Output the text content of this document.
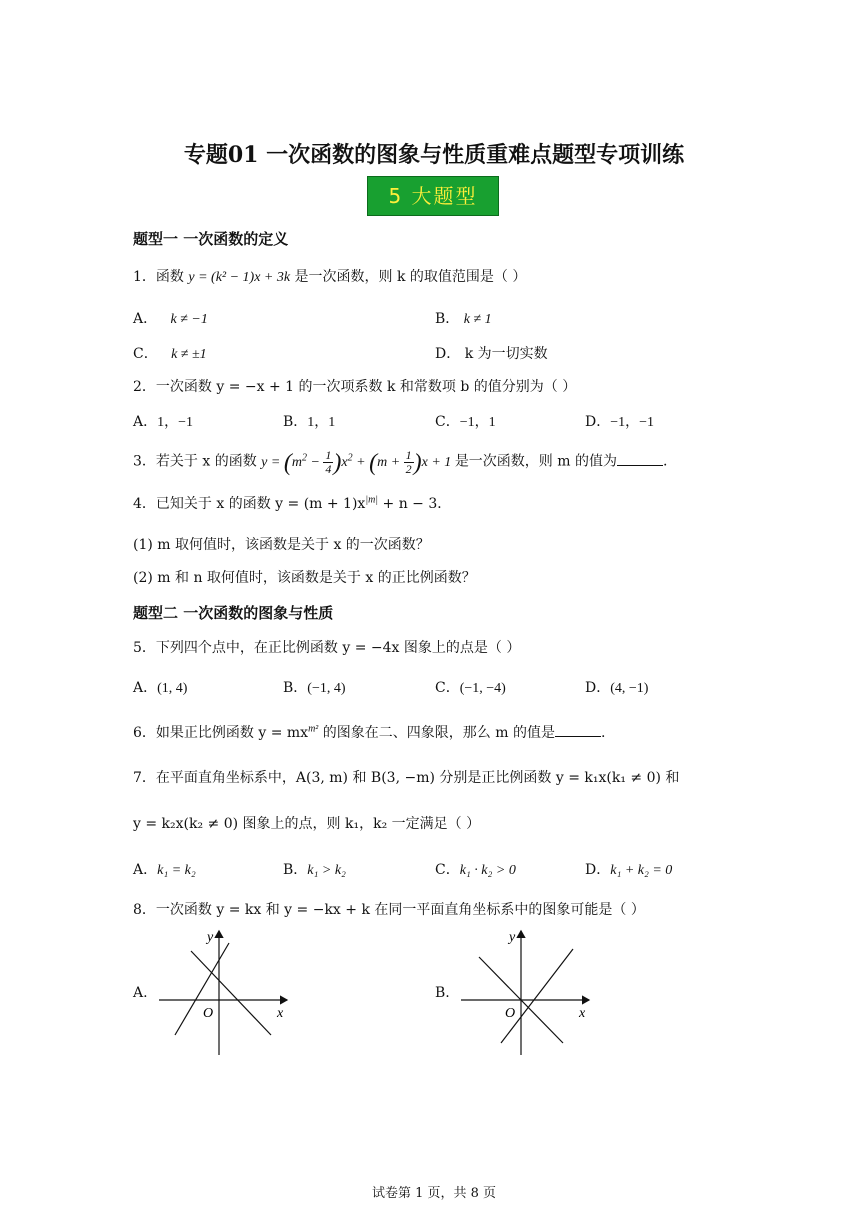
专题01 一次函数的图象与性质重难点题型专项训练
5 大题型
题型一 一次函数的定义
1．函数 y = (k² − 1)x + 3k 是一次函数，则 k 的取值范围是（ ）
A． k ≠ −1	B． k ≠ 1
C． k ≠ ±1	D． k 为一切实数
2．一次函数 y = −x + 1 的一次项系数 k 和常数项 b 的值分别为（ ）
A．1，−1	B．1，1	C．−1，1	D．−1，−1
3．若关于 x 的函数 $y = (m^2 - \frac{1}{4} )x^2 + (m + \frac{1}{2} )x + 1$ 是一次函数，则 m 的值为	.
4．已知关于 x 的函数 $y = (m + 1)x^{|m|} + n - 3$．
(1) m 取何值时，该函数是关于 x 的一次函数？
(2) m 和 n 取何值时，该函数是关于 x 的正比例函数？
题型二 一次函数的图象与性质
5．下列四个点中，在正比例函数 y = −4x 图象上的点是（ ）
A．(1, 4)	B．(−1, 4)	C．(−1, −4)	D．(4, −1)
6．如果正比例函数 $y = mx^{m^2}$ 的图象在二、四象限，那么 m 的值是	.
7．在平面直角坐标系中，A(3, m) 和 B(3, −m) 分别是正比例函数 y = k₁x(k₁ ≠ 0) 和
y = k₂x(k₂ ≠ 0) 图象上的点，则 k₁，k₂ 一定满足（ ）
A．k₁ = k₂	B．k₁ > k₂	C．k₁ · k₂ > 0	D．k₁ + k₂ = 0
8．一次函数 y = kx 和 y = −kx + k 在同一平面直角坐标系中的图象可能是（ ）
A.
O	x
y
B.
O	x
y
试卷第 1 页，共 8 页
